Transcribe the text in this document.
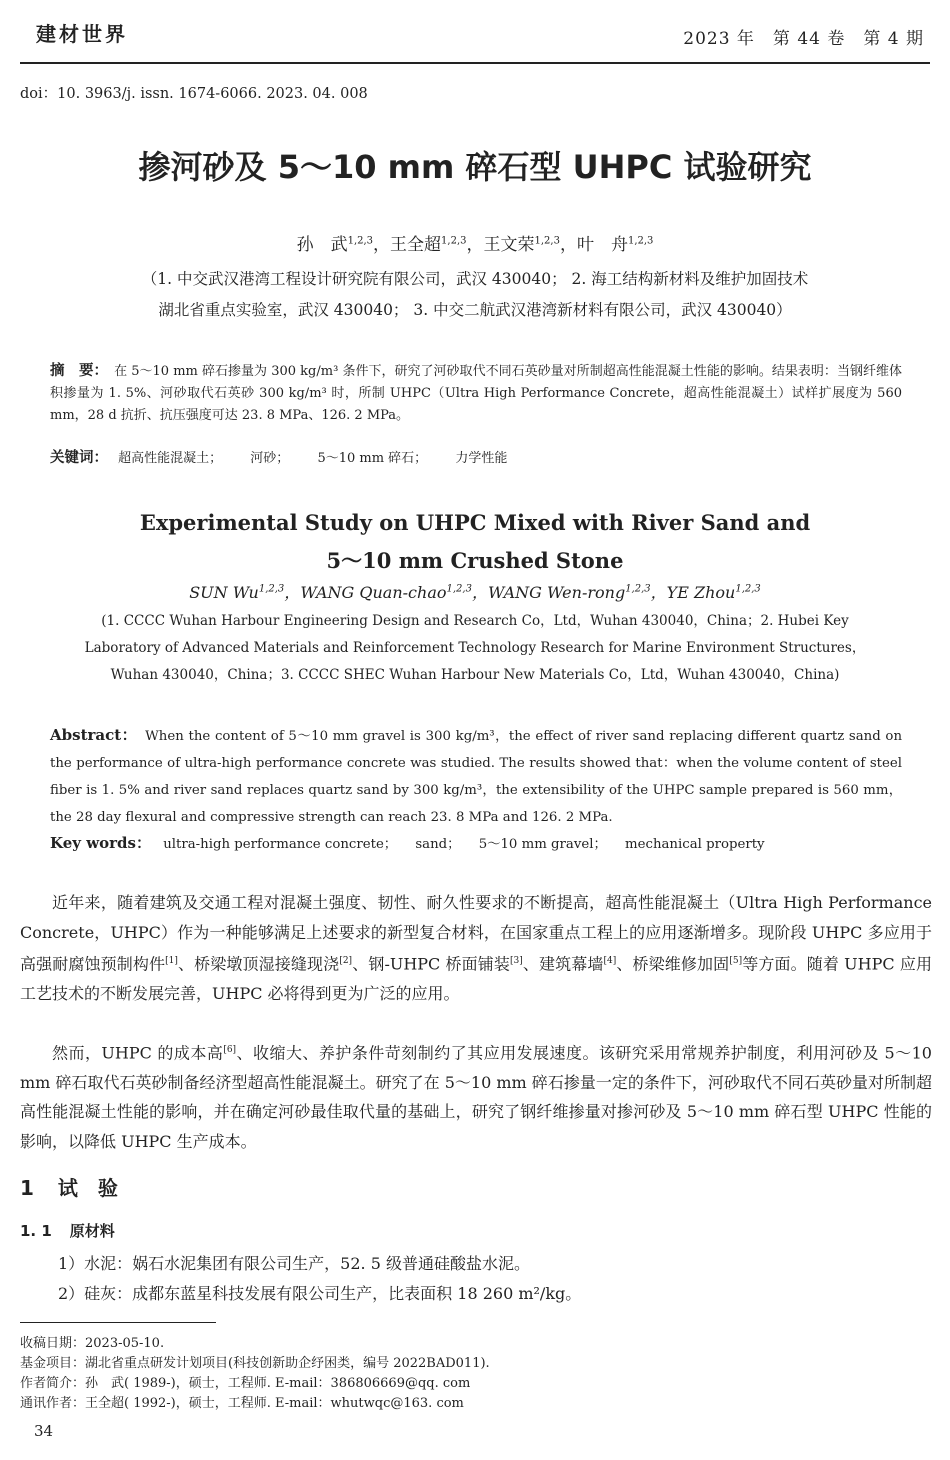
建材世界	2023 年　第 44 卷　第 4 期
doi：10. 3963/j. issn. 1674-6066. 2023. 04. 008
掺河砂及 5～10 mm 碎石型 UHPC 试验研究
孙　武$^{1,2,3}$，王全超$^{1,2,3}$，王文荣$^{1,2,3}$，叶　舟$^{1,2,3}$
（1. 中交武汉港湾工程设计研究院有限公司，武汉 430040； 2. 海工结构新材料及维护加固技术
湖北省重点实验室，武汉 430040； 3. 中交二航武汉港湾新材料有限公司，武汉 430040）
摘　要： 在 5～10 mm 碎石掺量为 300 kg/m³ 条件下，研究了河砂取代不同石英砂量对所制超高性能混凝土性能的影响。结果表明：当钢纤维体积掺量为 1. 5%、河砂取代石英砂 300 kg/m³ 时，所制 UHPC（Ultra High Performance Concrete，超高性能混凝土）试样扩展度为 560 mm，28 d 抗折、抗压强度可达 23. 8 MPa、126. 2 MPa。
关键词： 超高性能混凝土； 河砂； 5～10 mm 碎石； 力学性能
Experimental Study on UHPC Mixed with River Sand and
5～10 mm Crushed Stone
SUN Wu$^{1,2,3}$，WANG Quan-chao$^{1,2,3}$，WANG Wen-rong$^{1,2,3}$，YE Zhou$^{1,2,3}$
(1. CCCC Wuhan Harbour Engineering Design and Research Co，Ltd，Wuhan 430040，China；2. Hubei Key
Laboratory of Advanced Materials and Reinforcement Technology Research for Marine Environment Structures，
Wuhan 430040，China；3. CCCC SHEC Wuhan Harbour New Materials Co，Ltd，Wuhan 430040，China)
Abstract： When the content of 5～10 mm gravel is 300 kg/m³，the effect of river sand replacing different quartz sand on the performance of ultra-high performance concrete was studied. The results showed that：when the volume content of steel fiber is 1. 5% and river sand replaces quartz sand by 300 kg/m³，the extensibility of the UHPC sample prepared is 560 mm，the 28 day flexural and compressive strength can reach 23. 8 MPa and 126. 2 MPa.
Key words： ultra-high performance concrete； sand； 5～10 mm gravel； mechanical property
近年来，随着建筑及交通工程对混凝土强度、韧性、耐久性要求的不断提高，超高性能混凝土（Ultra High Performance Concrete，UHPC）作为一种能够满足上述要求的新型复合材料，在国家重点工程上的应用逐渐增多。现阶段 UHPC 多应用于高强耐腐蚀预制构件[1]、桥梁墩顶湿接缝现浇[2]、钢-UHPC 桥面铺装[3]、建筑幕墙[4]、桥梁维修加固[5]等方面。随着 UHPC 应用工艺技术的不断发展完善，UHPC 必将得到更为广泛的应用。
然而，UHPC 的成本高[6]、收缩大、养护条件苛刻制约了其应用发展速度。该研究采用常规养护制度，利用河砂及 5～10 mm 碎石取代石英砂制备经济型超高性能混凝土。研究了在 5～10 mm 碎石掺量一定的条件下，河砂取代不同石英砂量对所制超高性能混凝土性能的影响，并在确定河砂最佳取代量的基础上，研究了钢纤维掺量对掺河砂及 5～10 mm 碎石型 UHPC 性能的影响，以降低 UHPC 生产成本。
1 试　验
1. 1 原材料
1）水泥：娲石水泥集团有限公司生产，52. 5 级普通硅酸盐水泥。
2）硅灰：成都东蓝星科技发展有限公司生产，比表面积 18 260 m²/kg。
收稿日期：2023-05-10.
基金项目：湖北省重点研发计划项目(科技创新助企纾困类，编号 2022BAD011).
作者简介：孙　武( 1989-)，硕士，工程师. E-mail：386806669@qq. com
通讯作者：王全超( 1992-)，硕士，工程师. E-mail：whutwqc@163. com
34
